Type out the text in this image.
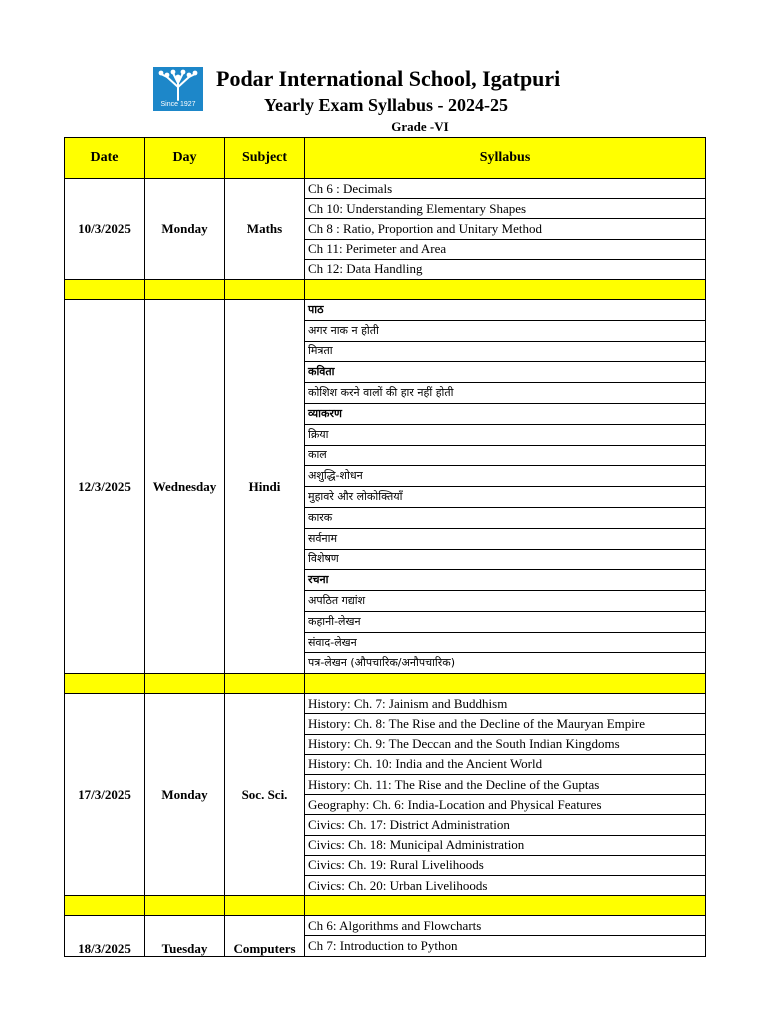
Since 1927
Podar International School, Igatpuri
Yearly Exam Syllabus - 2024-25
Grade -VI
Date	Day	Subject	Syllabus
10/3/2025	Monday	Maths	Ch 6 : Decimals
			Ch 10: Understanding Elementary Shapes
			Ch 8 : Ratio, Proportion and Unitary Method
			Ch 11: Perimeter and Area
			Ch 12: Data Handling

12/3/2025	Wednesday	Hindi	पाठ
			अगर नाक न होती
			मित्रता
			कविता
			कोशिश करने वालों की हार नहीं होती
			व्याकरण
			क्रिया
			काल
			अशुद्धि-शोधन
			मुहावरे और लोकोक्तियाँ
			कारक
			सर्वनाम
			विशेषण
			रचना
			अपठित गद्यांश
			कहानी-लेखन
			संवाद-लेखन
			पत्र-लेखन (औपचारिक/अनौपचारिक)

17/3/2025	Monday	Soc. Sci.	History: Ch. 7: Jainism and Buddhism
			History: Ch. 8: The Rise and the Decline of the Mauryan Empire
			History: Ch. 9: The Deccan and the South Indian Kingdoms
			History: Ch. 10: India and the Ancient World
			History: Ch. 11: The Rise and the Decline of the Guptas
			Geography: Ch. 6: India-Location and Physical Features
			Civics: Ch. 17: District Administration
			Civics: Ch. 18: Municipal Administration
			Civics: Ch. 19: Rural Livelihoods
			Civics: Ch. 20: Urban Livelihoods

18/3/2025	Tuesday	Computers	Ch 6: Algorithms and Flowcharts
			Ch 7: Introduction to Python
